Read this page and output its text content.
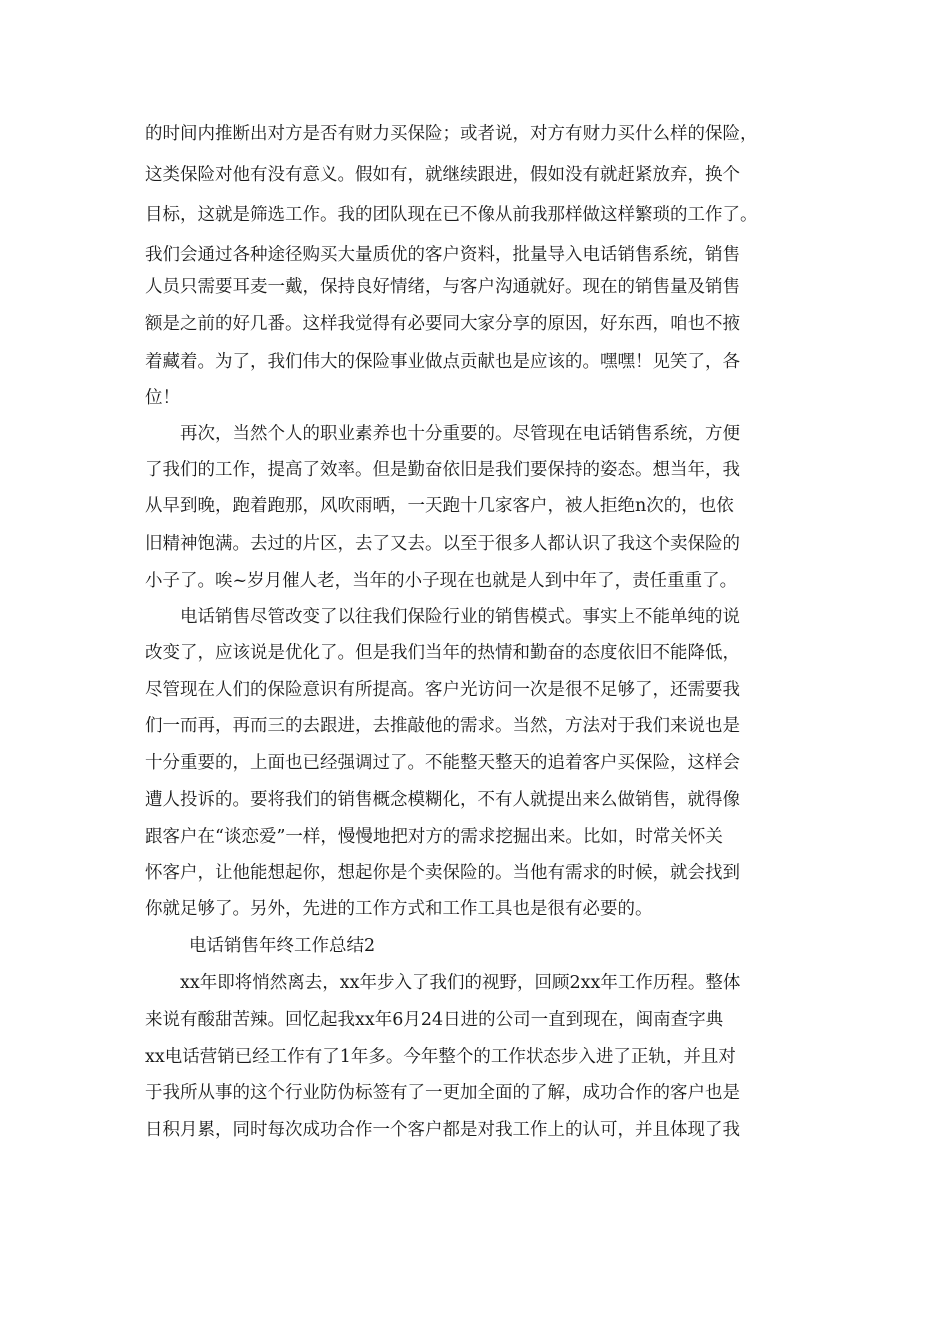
的时间内推断出对方是否有财力买保险；或者说，对方有财力买什么样的保险，
这类保险对他有没有意义。假如有，就继续跟进，假如没有就赶紧放弃，换个
目标，这就是筛选工作。我的团队现在已不像从前我那样做这样繁琐的工作了。
我们会通过各种途径购买大量质优的客户资料，批量导入电话销售系统，销售
人员只需要耳麦一戴，保持良好情绪，与客户沟通就好。现在的销售量及销售
额是之前的好几番。这样我觉得有必要同大家分享的原因，好东西，咱也不掖
着藏着。为了，我们伟大的保险事业做点贡献也是应该的。嘿嘿！见笑了，各
位！
　　再次，当然个人的职业素养也十分重要的。尽管现在电话销售系统，方便
了我们的工作，提高了效率。但是勤奋依旧是我们要保持的姿态。想当年，我
从早到晚，跑着跑那，风吹雨晒，一天跑十几家客户，被人拒绝n次的，也依
旧精神饱满。去过的片区，去了又去。以至于很多人都认识了我这个卖保险的
小子了。唉~岁月催人老，当年的小子现在也就是人到中年了，责任重重了。
　　电话销售尽管改变了以往我们保险行业的销售模式。事实上不能单纯的说
改变了，应该说是优化了。但是我们当年的热情和勤奋的态度依旧不能降低，
尽管现在人们的保险意识有所提高。客户光访问一次是很不足够了，还需要我
们一而再，再而三的去跟进，去推敲他的需求。当然，方法对于我们来说也是
十分重要的，上面也已经强调过了。不能整天整天的追着客户买保险，这样会
遭人投诉的。要将我们的销售概念模糊化，不有人就提出来么做销售，就得像
跟客户在“谈恋爱”一样，慢慢地把对方的需求挖掘出来。比如，时常关怀关
怀客户，让他能想起你，想起你是个卖保险的。当他有需求的时候，就会找到
你就足够了。另外，先进的工作方式和工作工具也是很有必要的。
电话销售年终工作总结2
　　xx年即将悄然离去，xx年步入了我们的视野，回顾2xx年工作历程。整体
来说有酸甜苦辣。回忆起我xx年6月24日进的公司一直到现在，闽南查字典
xx电话营销已经工作有了1年多。今年整个的工作状态步入进了正轨，并且对
于我所从事的这个行业防伪标签有了一更加全面的了解，成功合作的客户也是
日积月累，同时每次成功合作一个客户都是对我工作上的认可，并且体现了我
